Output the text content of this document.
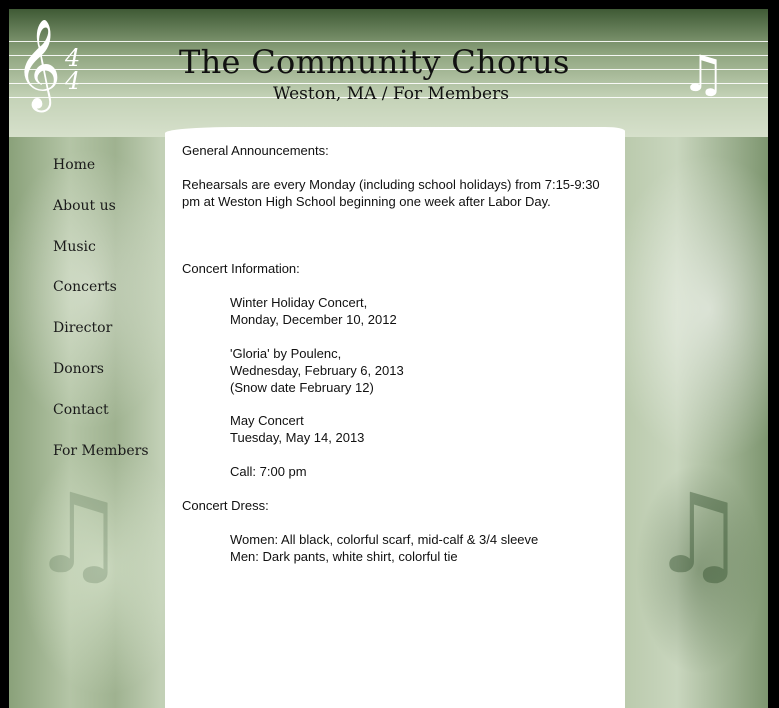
𝄞 4
4	The Community Chorus
Weston, MA / For Members	♫
♫
♫
Home
About us
Music
Concerts
Director
Donors
Contact
For Members

General Announcements:

Rehearsals are every Monday (including school holidays) from 7:15-9:30 pm at Weston High School beginning one week after Labor Day.

Concert Information:

Winter Holiday Concert,

Monday, December 10, 2012

'Gloria' by Poulenc,

Wednesday, February 6, 2013

(Snow date February 12)

May Concert

Tuesday, May 14, 2013

Call: 7:00 pm

Concert Dress:

Women: All black, colorful scarf, mid-calf & 3/4 sleeve

Men: Dark pants, white shirt, colorful tie
